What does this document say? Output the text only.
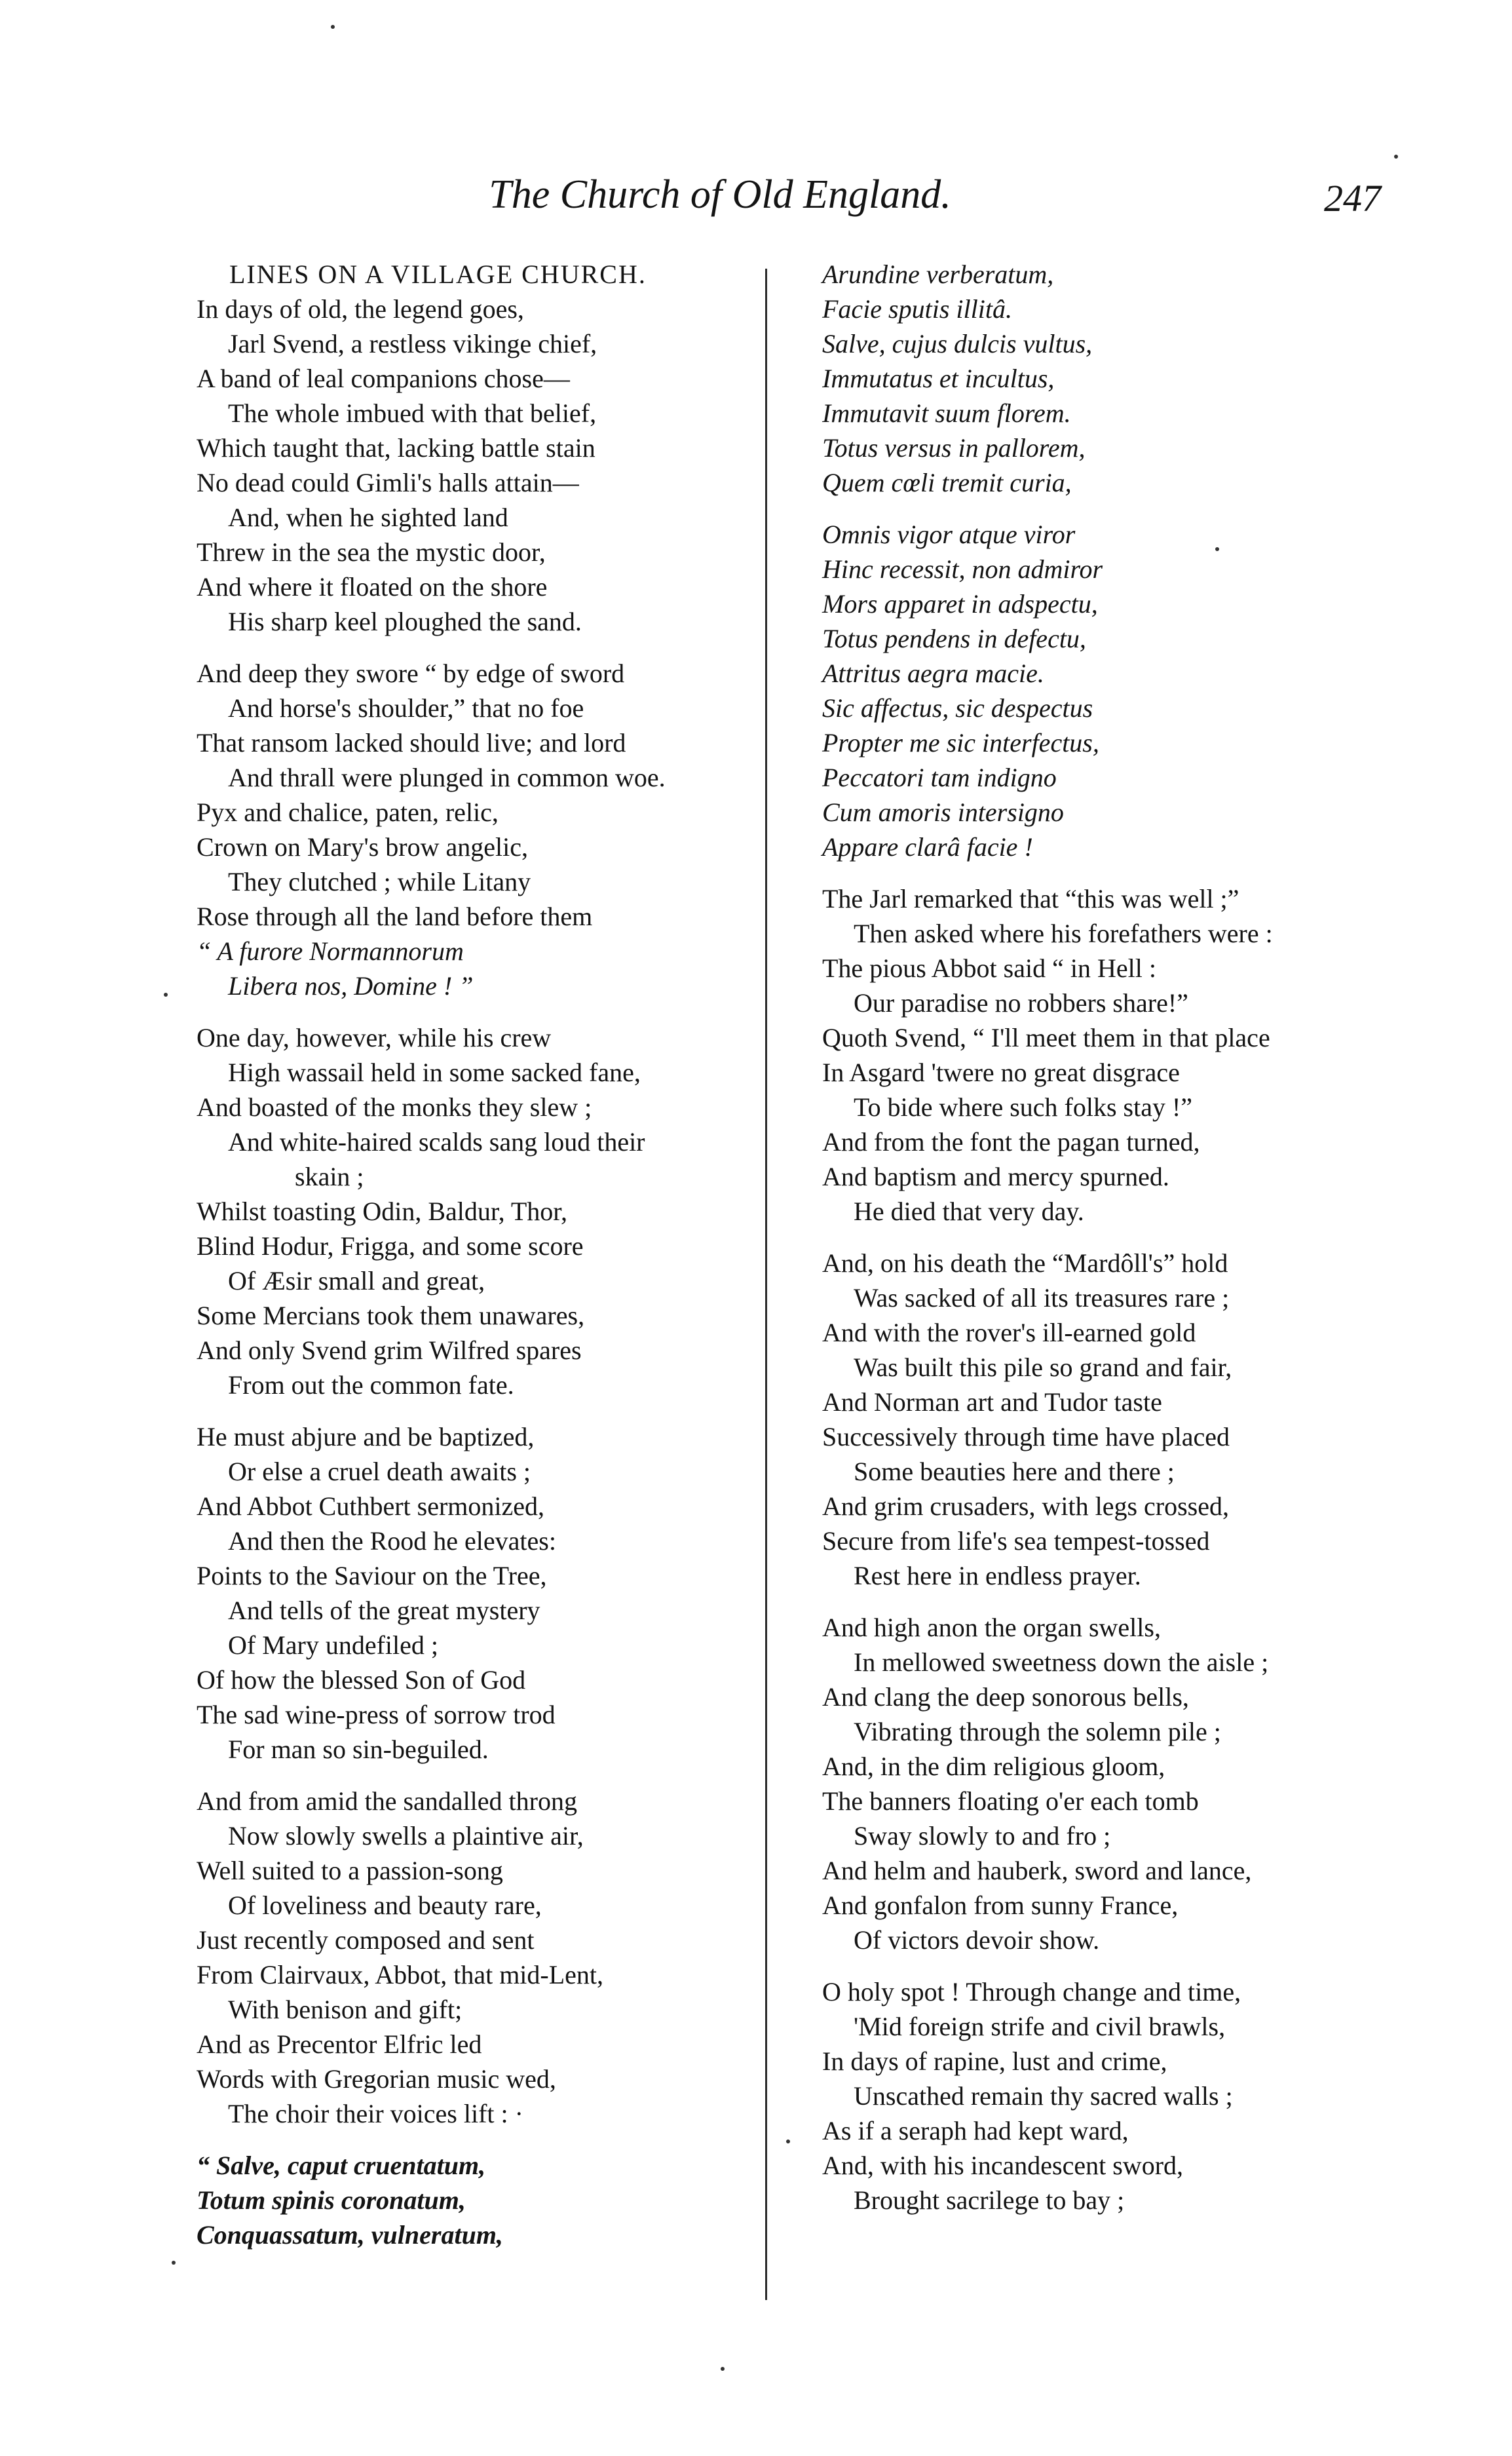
The Church of Old England.	247
LINES ON A VILLAGE CHURCH.
In days of old, the legend goes,
Jarl Svend, a restless vikinge chief,
A band of leal companions chose—
The whole imbued with that belief,
Which taught that, lacking battle stain
No dead could Gimli's halls attain—
And, when he sighted land
Threw in the sea the mystic door,
And where it floated on the shore
His sharp keel ploughed the sand.
And deep they swore “ by edge of sword
And horse's shoulder,” that no foe
That ransom lacked should live; and lord
And thrall were plunged in common woe.
Pyx and chalice, paten, relic,
Crown on Mary's brow angelic,
They clutched ; while Litany
Rose through all the land before them
“ A furore Normannorum
Libera nos, Domine ! ”
One day, however, while his crew
High wassail held in some sacked fane,
And boasted of the monks they slew ;
And white-haired scalds sang loud their
skain ;
Whilst toasting Odin, Baldur, Thor,
Blind Hodur, Frigga, and some score
Of Æsir small and great,
Some Mercians took them unawares,
And only Svend grim Wilfred spares
From out the common fate.
He must abjure and be baptized,
Or else a cruel death awaits ;
And Abbot Cuthbert sermonized,
And then the Rood he elevates:
Points to the Saviour on the Tree,
And tells of the great mystery
Of Mary undefiled ;
Of how the blessed Son of God
The sad wine-press of sorrow trod
For man so sin-beguiled.
And from amid the sandalled throng
Now slowly swells a plaintive air,
Well suited to a passion-song
Of loveliness and beauty rare,
Just recently composed and sent
From Clairvaux, Abbot, that mid-Lent,
With benison and gift;
And as Precentor Elfric led
Words with Gregorian music wed,
The choir their voices lift : ·
“ Salve, caput cruentatum,
Totum spinis coronatum,
Conquassatum, vulneratum,
Arundine verberatum,
Facie sputis illitâ.
Salve, cujus dulcis vultus,
Immutatus et incultus,
Immutavit suum florem.
Totus versus in pallorem,
Quem cœli tremit curia,
Omnis vigor atque viror
Hinc recessit, non admiror
Mors apparet in adspectu,
Totus pendens in defectu,
Attritus aegra macie.
Sic affectus, sic despectus
Propter me sic interfectus,
Peccatori tam indigno
Cum amoris intersigno
Appare clarâ facie !
The Jarl remarked that “this was well ;”
Then asked where his forefathers were :
The pious Abbot said “ in Hell :
Our paradise no robbers share!”
Quoth Svend, “ I'll meet them in that place
In Asgard 'twere no great disgrace
To bide where such folks stay !”
And from the font the pagan turned,
And baptism and mercy spurned.
He died that very day.
And, on his death the “Mardôll's” hold
Was sacked of all its treasures rare ;
And with the rover's ill-earned gold
Was built this pile so grand and fair,
And Norman art and Tudor taste
Successively through time have placed
Some beauties here and there ;
And grim crusaders, with legs crossed,
Secure from life's sea tempest-tossed
Rest here in endless prayer.
And high anon the organ swells,
In mellowed sweetness down the aisle ;
And clang the deep sonorous bells,
Vibrating through the solemn pile ;
And, in the dim religious gloom,
The banners floating o'er each tomb
Sway slowly to and fro ;
And helm and hauberk, sword and lance,
And gonfalon from sunny France,
Of victors devoir show.
O holy spot ! Through change and time,
'Mid foreign strife and civil brawls,
In days of rapine, lust and crime,
Unscathed remain thy sacred walls ;
As if a seraph had kept ward,
And, with his incandescent sword,
Brought sacrilege to bay ;
